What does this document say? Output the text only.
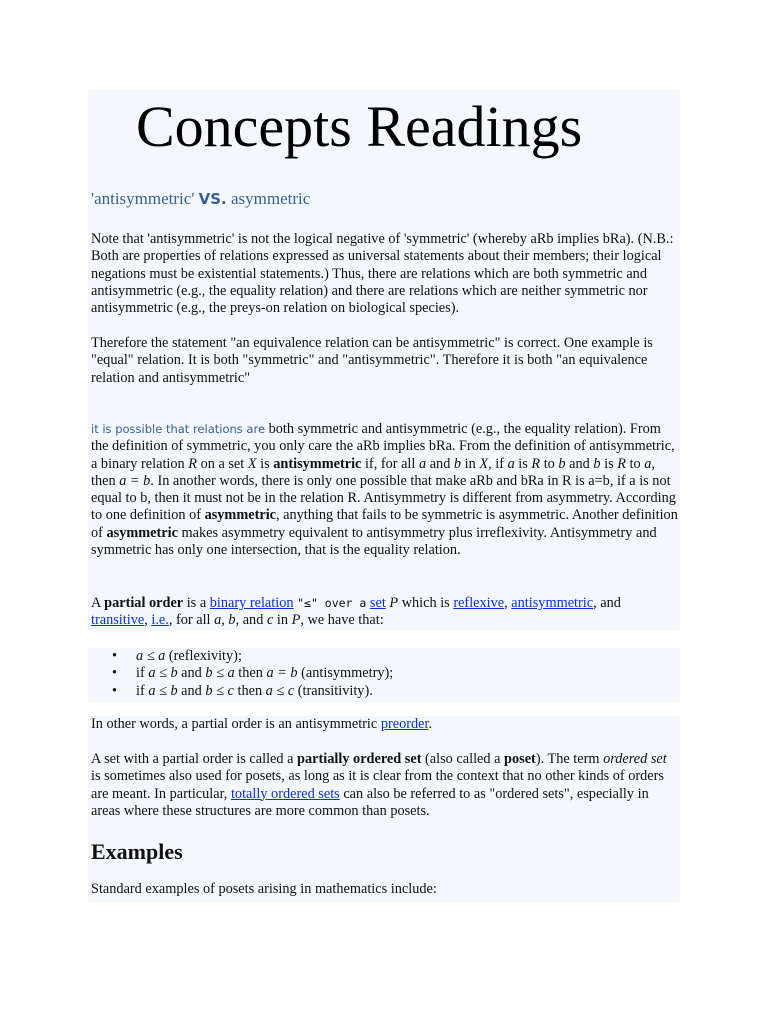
Concepts Readings
'antisymmetric' VS. asymmetric

Note that 'antisymmetric' is not the logical negative of 'symmetric' (whereby aRb implies bRa). (N.B.: Both are properties of relations expressed as universal statements about their members; their logical negations must be existential statements.) Thus, there are relations which are both symmetric and antisymmetric (e.g., the equality relation) and there are relations which are neither symmetric nor antisymmetric (e.g., the preys-on relation on biological species).

Therefore the statement "an equivalence relation can be antisymmetric" is correct. One example is "equal" relation. It is both "symmetric" and "antisymmetric". Therefore it is both "an equivalence relation and antisymmetric"

it is possible that relations are both symmetric and antisymmetric (e.g., the equality relation). From the definition of symmetric, you only care the aRb implies bRa. From the definition of antisymmetric, a binary relation R on a set X is antisymmetric if, for all a and b in X, if a is R to b and b is R to a, then a = b. In another words, there is only one possible that make aRb and bRa in R is a=b, if a is not equal to b, then it must not be in the relation R. Antisymmetry is different from asymmetry. According to one definition of asymmetric, anything that fails to be symmetric is asymmetric. Another definition of asymmetric makes asymmetry equivalent to antisymmetry plus irreflexivity. Antisymmetry and symmetric has only one intersection, that is the equality relation.

A partial order is a binary relation "≤" over a set P which is reflexive, antisymmetric, and transitive, i.e., for all a, b, and c in P, we have that:

• a ≤ a (reflexivity);
• if a ≤ b and b ≤ a then a = b (antisymmetry);
• if a ≤ b and b ≤ c then a ≤ c (transitivity).

In other words, a partial order is an antisymmetric preorder.

A set with a partial order is called a partially ordered set (also called a poset). The term ordered set is sometimes also used for posets, as long as it is clear from the context that no other kinds of orders are meant. In particular, totally ordered sets can also be referred to as "ordered sets", especially in areas where these structures are more common than posets.

Examples

Standard examples of posets arising in mathematics include:
